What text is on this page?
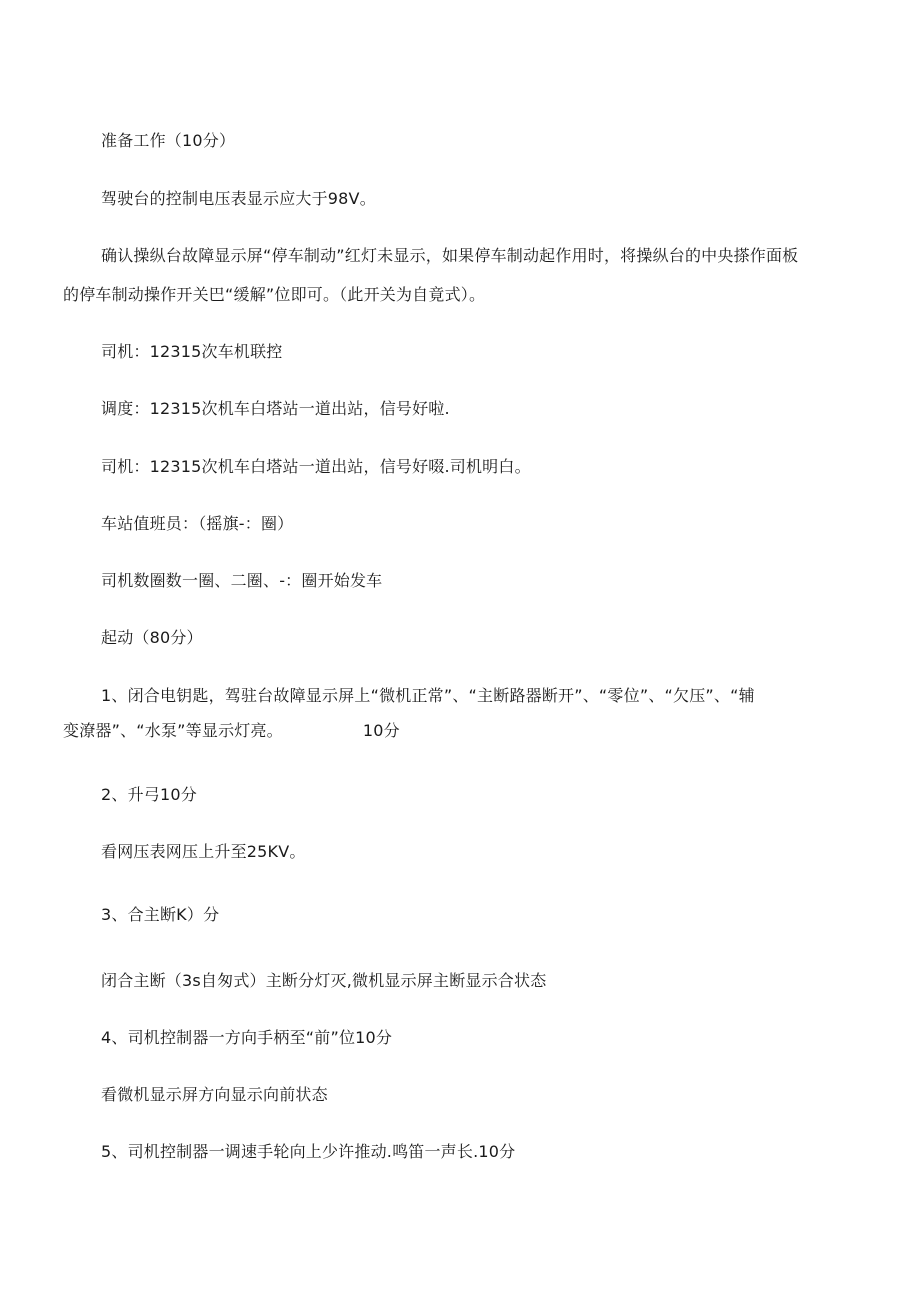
准备工作（10分）
驾驶台的控制电压表显示应大于98V。
确认操纵台故障显示屏“停车制动”红灯未显示，如果停车制动起作用时，将操纵台的中央搽作面板
的停车制动操作开关巴“缓解”位即可。（此开关为自竟式）。
司机：12315次车机联控
调度：12315次机车白塔站一道出站，信号好啦.
司机：12315次机车白塔站一道出站，信号好啜.司机明白。
车站值班员：（摇旗-：圈）
司机数圈数一圈、二圈、-：圈开始发车
起动（80分）
1、闭合电钥匙，驾驻台故障显示屏上“微机正常”、“主断路器断开”、“零位”、“欠压”、“辅
变潦器”、“水泵”等显示灯亮。	10分
2、升弓10分
看网压表网压上升至25KV。
3、合主断K）分
闭合主断（3s自匆式）主断分灯灭,微机显示屏主断显示合状态
4、司机控制器一方向手柄至“前”位10分
看微机显示屏方向显示向前状态
5、司机控制器一调速手轮向上少许推动.鸣笛一声长.10分
